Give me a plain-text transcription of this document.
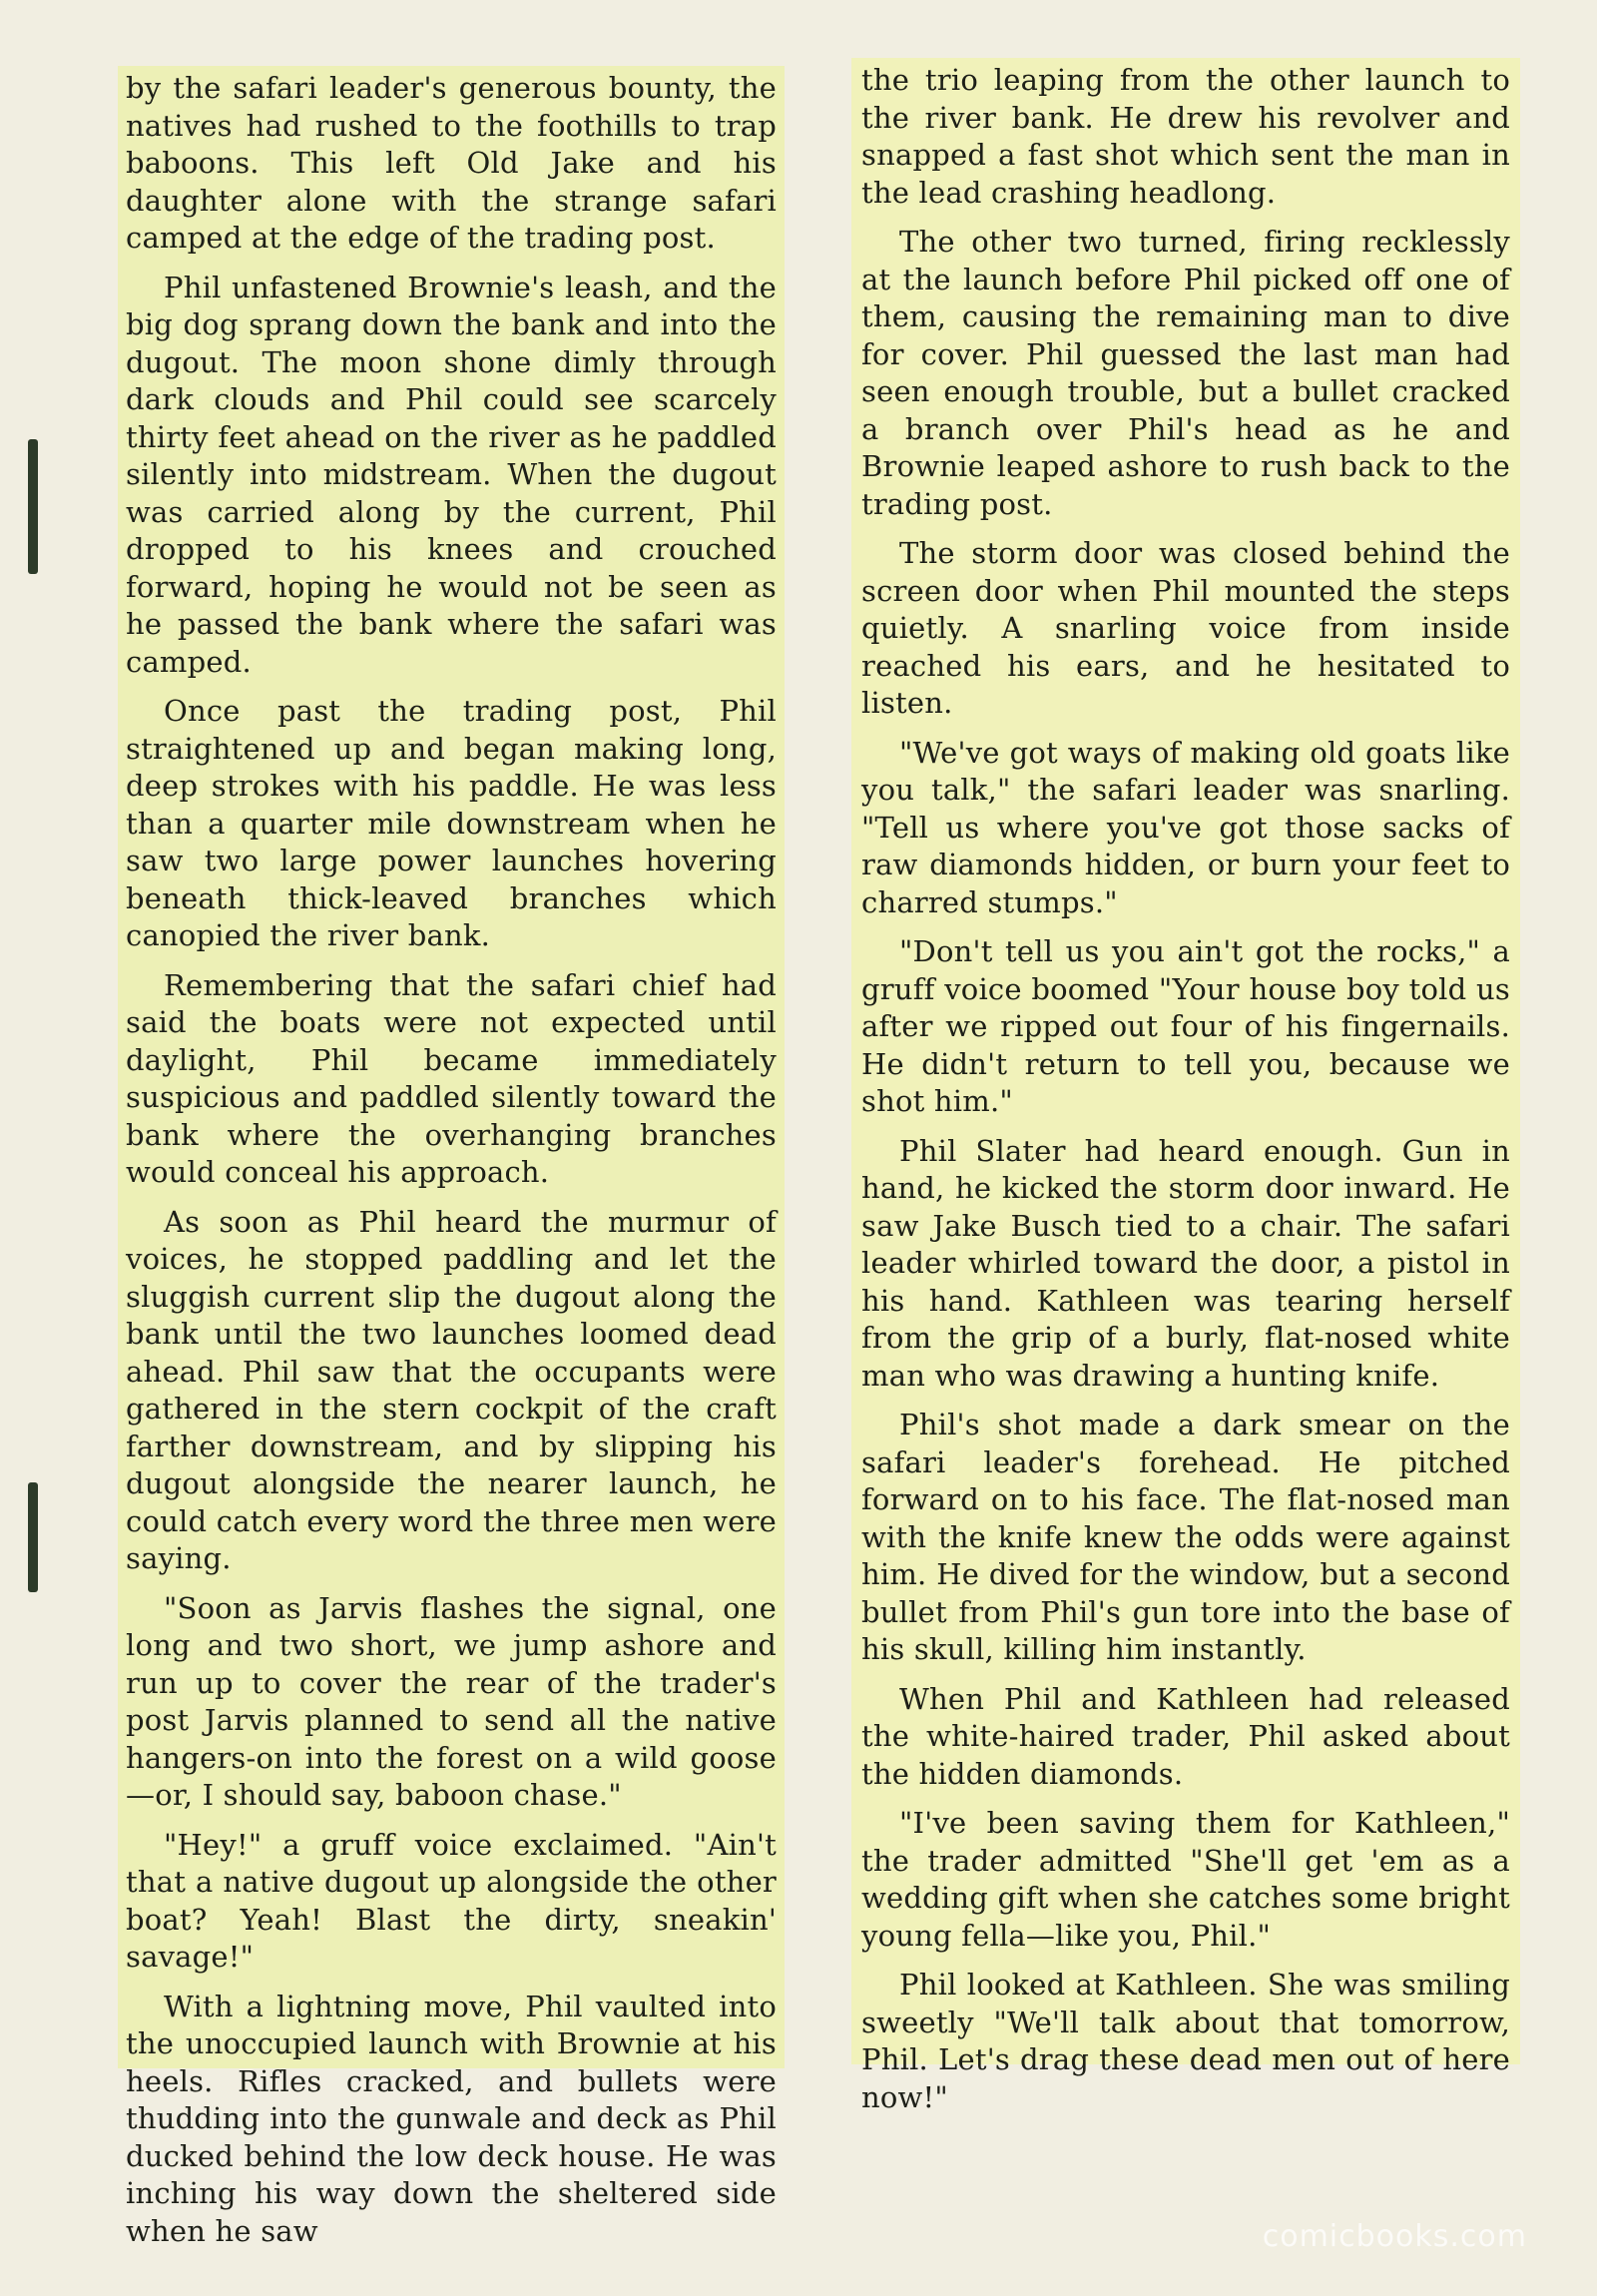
by the safari leader's generous bounty, the natives had rushed to the foothills to trap baboons. This left Old Jake and his daughter alone with the strange safari camped at the edge of the trading post.

Phil unfastened Brownie's leash, and the big dog sprang down the bank and into the dugout. The moon shone dimly through dark clouds and Phil could see scarcely thirty feet ahead on the river as he paddled silently into midstream. When the dugout was carried along by the current, Phil dropped to his knees and crouched forward, hoping he would not be seen as he passed the bank where the safari was camped.

Once past the trading post, Phil straightened up and began making long, deep strokes with his paddle. He was less than a quarter mile downstream when he saw two large power launches hovering beneath thick-leaved branches which canopied the river bank.

Remembering that the safari chief had said the boats were not expected until daylight, Phil became immediately suspicious and paddled silently toward the bank where the overhanging branches would conceal his approach.

As soon as Phil heard the murmur of voices, he stopped paddling and let the sluggish current slip the dugout along the bank until the two launches loomed dead ahead. Phil saw that the occupants were gathered in the stern cockpit of the craft farther downstream, and by slipping his dugout alongside the nearer launch, he could catch every word the three men were saying.

"Soon as Jarvis flashes the signal, one long and two short, we jump ashore and run up to cover the rear of the trader's post Jarvis planned to send all the native hangers-on into the forest on a wild goose—or, I should say, baboon chase."

"Hey!" a gruff voice exclaimed. "Ain't that a native dugout up alongside the other boat? Yeah! Blast the dirty, sneakin' savage!"

With a lightning move, Phil vaulted into the unoccupied launch with Brownie at his heels. Rifles cracked, and bullets were thudding into the gunwale and deck as Phil ducked behind the low deck house. He was inching his way down the sheltered side when he saw

the trio leaping from the other launch to the river bank. He drew his revolver and snapped a fast shot which sent the man in the lead crashing headlong.

The other two turned, firing recklessly at the launch before Phil picked off one of them, causing the remaining man to dive for cover. Phil guessed the last man had seen enough trouble, but a bullet cracked a branch over Phil's head as he and Brownie leaped ashore to rush back to the trading post.

The storm door was closed behind the screen door when Phil mounted the steps quietly. A snarling voice from inside reached his ears, and he hesitated to listen.

"We've got ways of making old goats like you talk," the safari leader was snarling. "Tell us where you've got those sacks of raw diamonds hidden, or burn your feet to charred stumps."

"Don't tell us you ain't got the rocks," a gruff voice boomed "Your house boy told us after we ripped out four of his fingernails. He didn't return to tell you, because we shot him."

Phil Slater had heard enough. Gun in hand, he kicked the storm door inward. He saw Jake Busch tied to a chair. The safari leader whirled toward the door, a pistol in his hand. Kathleen was tearing herself from the grip of a burly, flat-nosed white man who was drawing a hunting knife.

Phil's shot made a dark smear on the safari leader's forehead. He pitched forward on to his face. The flat-nosed man with the knife knew the odds were against him. He dived for the window, but a second bullet from Phil's gun tore into the base of his skull, killing him instantly.

When Phil and Kathleen had released the white-haired trader, Phil asked about the hidden diamonds.

"I've been saving them for Kathleen," the trader admitted "She'll get 'em as a wedding gift when she catches some bright young fella—like you, Phil."

Phil looked at Kathleen. She was smiling sweetly "We'll talk about that tomorrow, Phil. Let's drag these dead men out of here now!"

comicbooks.com
